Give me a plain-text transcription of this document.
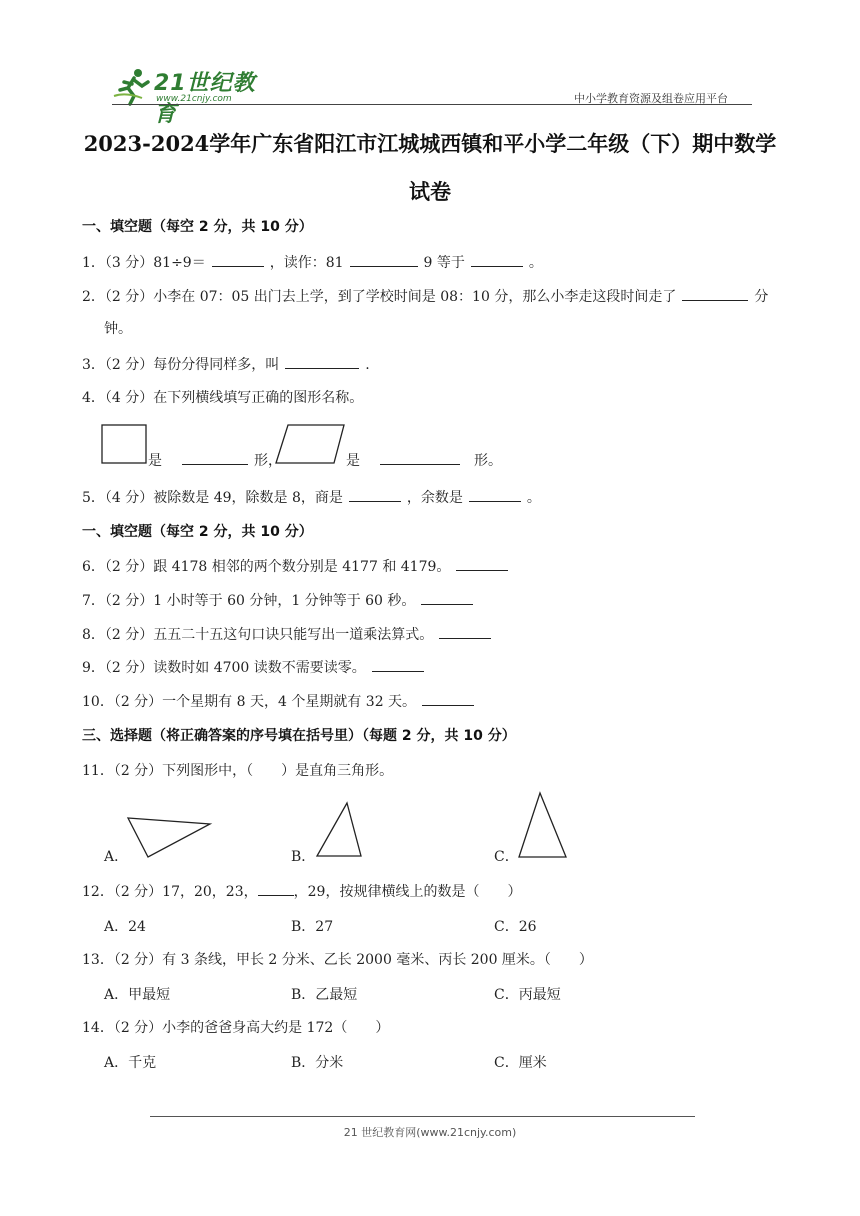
21世纪教育
www.21cnjy.com	中小学教育资源及组卷应用平台
2023-2024学年广东省阳江市江城城西镇和平小学二年级（下）期中数学
试卷
一、填空题（每空 2 分，共 10 分）
1．（3 分）81÷9＝	，读作：81	9 等于	。
2．（2 分）小李在 07：05 出门去上学，到了学校时间是 08：10 分，那么小李走这段时间走了	分
钟。
3．（2 分）每份分得同样多，叫	.
4．（4 分）在下列横线填写正确的图形名称。
是	形，	是	形。
5．（4 分）被除数是 49，除数是 8，商是	，余数是	。
一、填空题（每空 2 分，共 10 分）
6．（2 分）跟 4178 相邻的两个数分别是 4177 和 4179。
7．（2 分）1 小时等于 60 分钟，1 分钟等于 60 秒。
8．（2 分）五五二十五这句口诀只能写出一道乘法算式。
9．（2 分）读数时如 4700 读数不需要读零。
10．（2 分）一个星期有 8 天，4 个星期就有 32 天。
三、选择题（将正确答案的序号填在括号里）（每题 2 分，共 10 分）
11．（2 分）下列图形中，（　　）是直角三角形。
A．	B．	C．
12．（2 分）17，20，23，	，29，按规律横线上的数是（　　）
A．24	B．27	C．26
13．（2 分）有 3 条线，甲长 2 分米、乙长 2000 毫米、丙长 200 厘米。（　　）
A．甲最短	B．乙最短	C．丙最短
14．（2 分）小李的爸爸身高大约是 172（　　）
A．千克	B．分米	C．厘米
21 世纪教育网(www.21cnjy.com)
